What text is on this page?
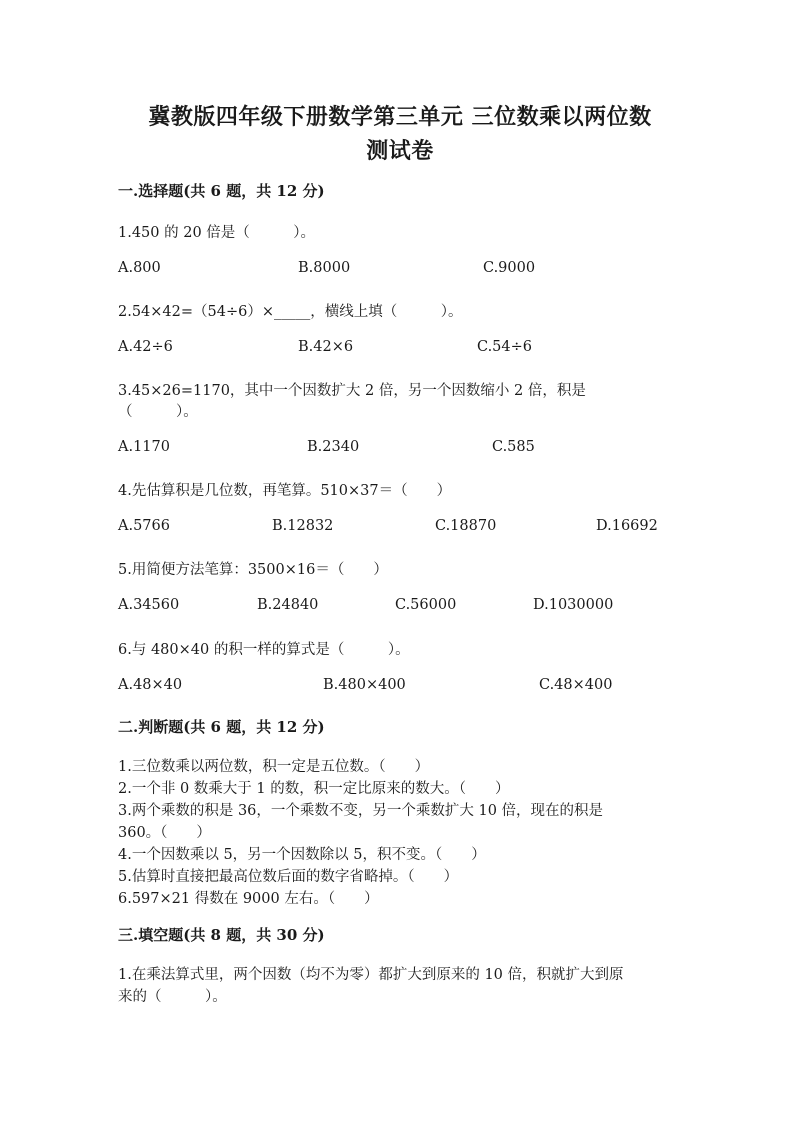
冀教版四年级下册数学第三单元 三位数乘以两位数
测试卷
一.选择题(共 6 题，共 12 分)
1.450 的 20 倍是（　　　）。
A.800	B.8000	C.9000
2.54×42=（54÷6）×_____，横线上填（　　　）。
A.42÷6	B.42×6	C.54÷6
3.45×26=1170，其中一个因数扩大 2 倍，另一个因数缩小 2 倍，积是
（　　　）。
A.1170	B.2340	C.585
4.先估算积是几位数，再笔算。510×37＝（　　）
A.5766	B.12832	C.18870	D.16692
5.用简便方法笔算：3500×16＝（　　）
A.34560	B.24840	C.56000	D.1030000
6.与 480×40 的积一样的算式是（　　　）。
A.48×40	B.480×400	C.48×400
二.判断题(共 6 题，共 12 分)
1.三位数乘以两位数，积一定是五位数。（　　）
2.一个非 0 数乘大于 1 的数，积一定比原来的数大。（　　）
3.两个乘数的积是 36，一个乘数不变，另一个乘数扩大 10 倍，现在的积是
360。（　　）
4.一个因数乘以 5，另一个因数除以 5，积不变。（　　）
5.估算时直接把最高位数后面的数字省略掉。（　　）
6.597×21 得数在 9000 左右。（　　）
三.填空题(共 8 题，共 30 分)
1.在乘法算式里，两个因数（均不为零）都扩大到原来的 10 倍，积就扩大到原
来的（　　　）。
